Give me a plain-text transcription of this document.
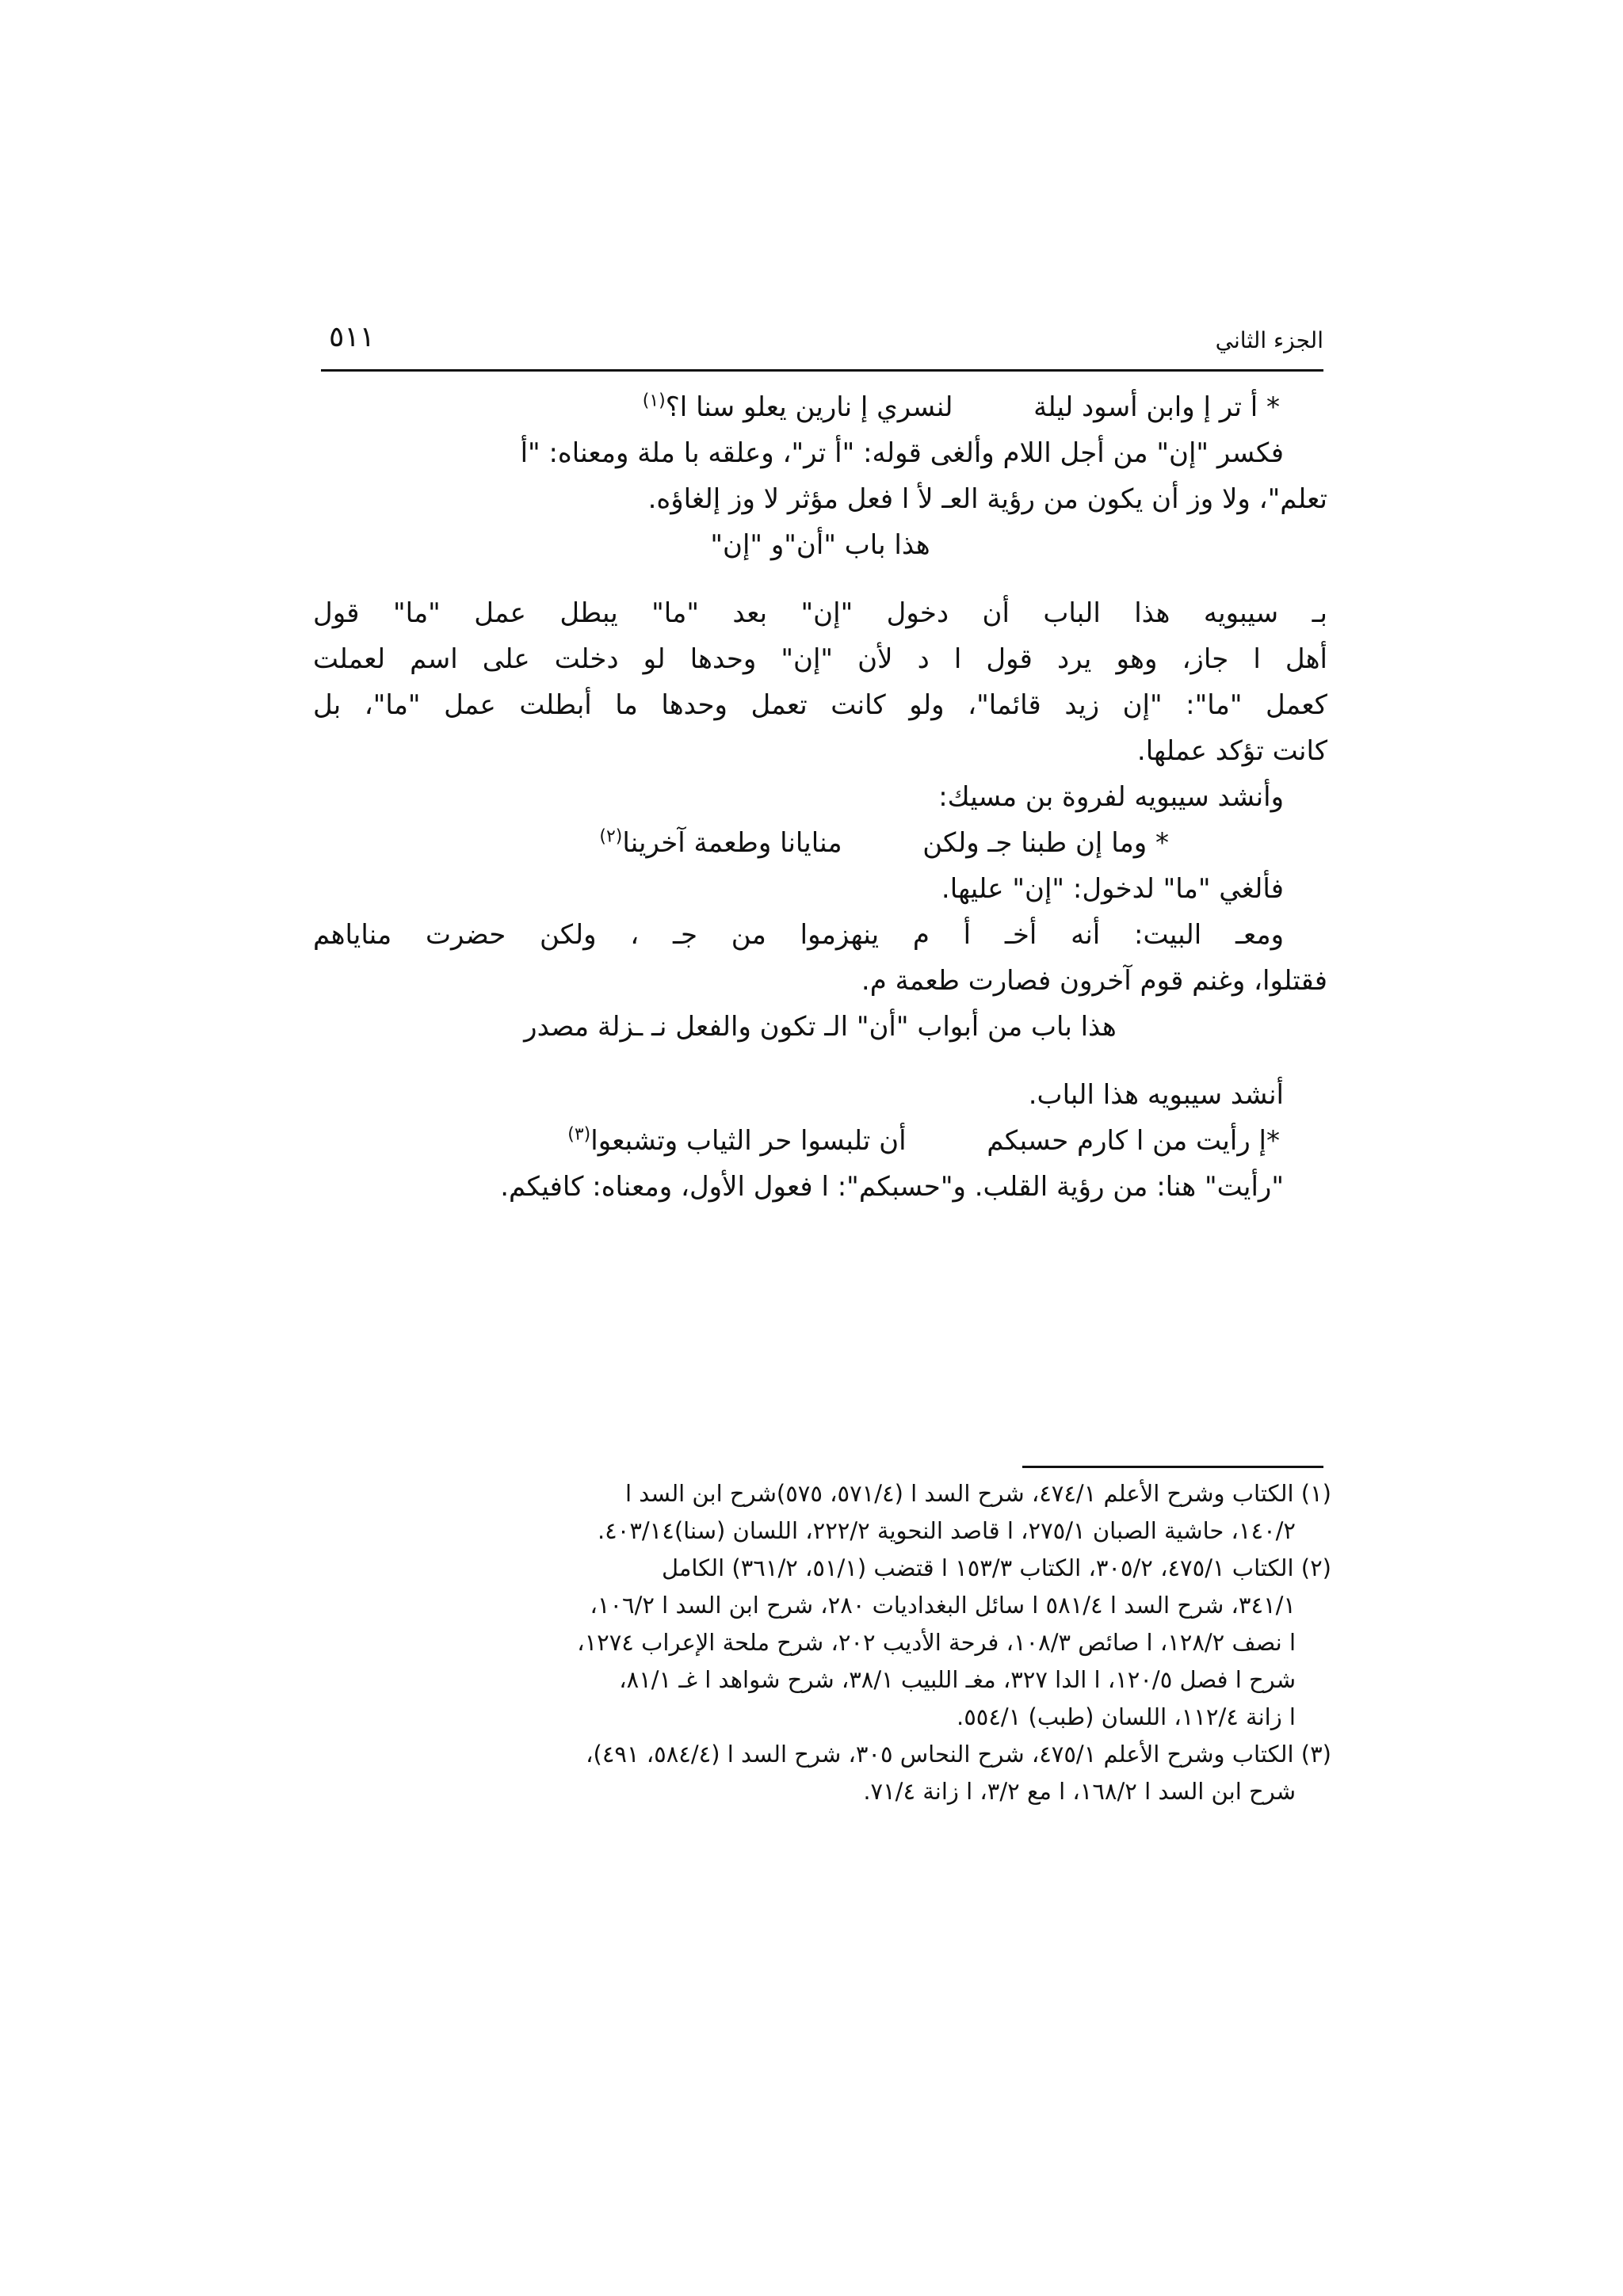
الجزء الثاني
٥١١

* أ تر إ وابن أسود ليلة  لنسري إ نارين يعلو سنا ا؟$^{(١)}$

فكسر "إن" من أجل اللام وألغى قوله: "أ تر"، وعلقه با ملة ومعناه: "أ

تعلم"، ولا وز أن يكون من رؤية العـ لأ ا فعل مؤثر لا وز إلغاؤه.

هذا باب "أن"و "إن"

بـ سيبويه هذا الباب أن دخول "إن" بعد "ما" يبطل عمل "ما" قول

أهل ا جاز، وهو يرد قول ا د لأن "إن" وحدها لو دخلت على اسم لعملت

كعمل "ما": "إن زيد قائما"، ولو كانت تعمل وحدها ما أبطلت عمل "ما"، بل

كانت تؤكد عملها.

وأنشد سيبويه لفروة بن مسيك:

* وما إن طبنا جـ ولكن  منايانا وطعمة آخرينا$^{(٢)}$

فألغي "ما" لدخول: "إن" عليها.

ومعـ البيت: أنه أخـ أ م ينهزموا من جـ ، ولكن حضرت مناياهم

فقتلوا، وغنم قوم آخرون فصارت طعمة م.

هذا باب من أبواب "أن" الـ تكون والفعل نـ ـزلة مصدر

أنشد سيبويه هذا الباب.

*إ رأيت من ا كارم حسبكم  أن تلبسوا حر الثياب وتشبعوا$^{(٣)}$

"رأيت" هنا: من رؤية القلب. و"حسبكم": ا فعول الأول، ومعناه: كافيكم.

(١) الكتاب وشرح الأعلم ٤٧٤/١، شرح السد ا (٥٧١/٤، ٥٧٥)شرح ابن السد ا

١٤٠/٢، حاشية الصبان ٢٧٥/١، ا قاصد النحوية ٢٢٢/٢، اللسان (سنا)٤٠٣/١٤.

(٢) الكتاب ٤٧٥/١، ٣٠٥/٢، الكتاب ١٥٣/٣ ا قتضب (٥١/١، ٣٦١/٢) الكامل

٣٤١/١، شرح السد ا ٥٨١/٤ ا سائل البغداديات ٢٨٠، شرح ابن السد ا ١٠٦/٢،

ا نصف ١٢٨/٢، ا صائص ١٠٨/٣، فرحة الأديب ٢٠٢، شرح ملحة الإعراب ١٢٧٤،

شرح ا فصل ١٢٠/٥، ا الدا ٣٢٧، مغـ اللبيب ٣٨/١، شرح شواهد ا غـ ٨١/١،

ا زانة ١١٢/٤، اللسان (طبب) ٥٥٤/١.

(٣) الكتاب وشرح الأعلم ٤٧٥/١، شرح النحاس ٣٠٥، شرح السد ا (٥٨٤/٤، ٤٩١)،

شرح ابن السد ا ١٦٨/٢، ا مع ٣/٢، ا زانة ٧١/٤.
